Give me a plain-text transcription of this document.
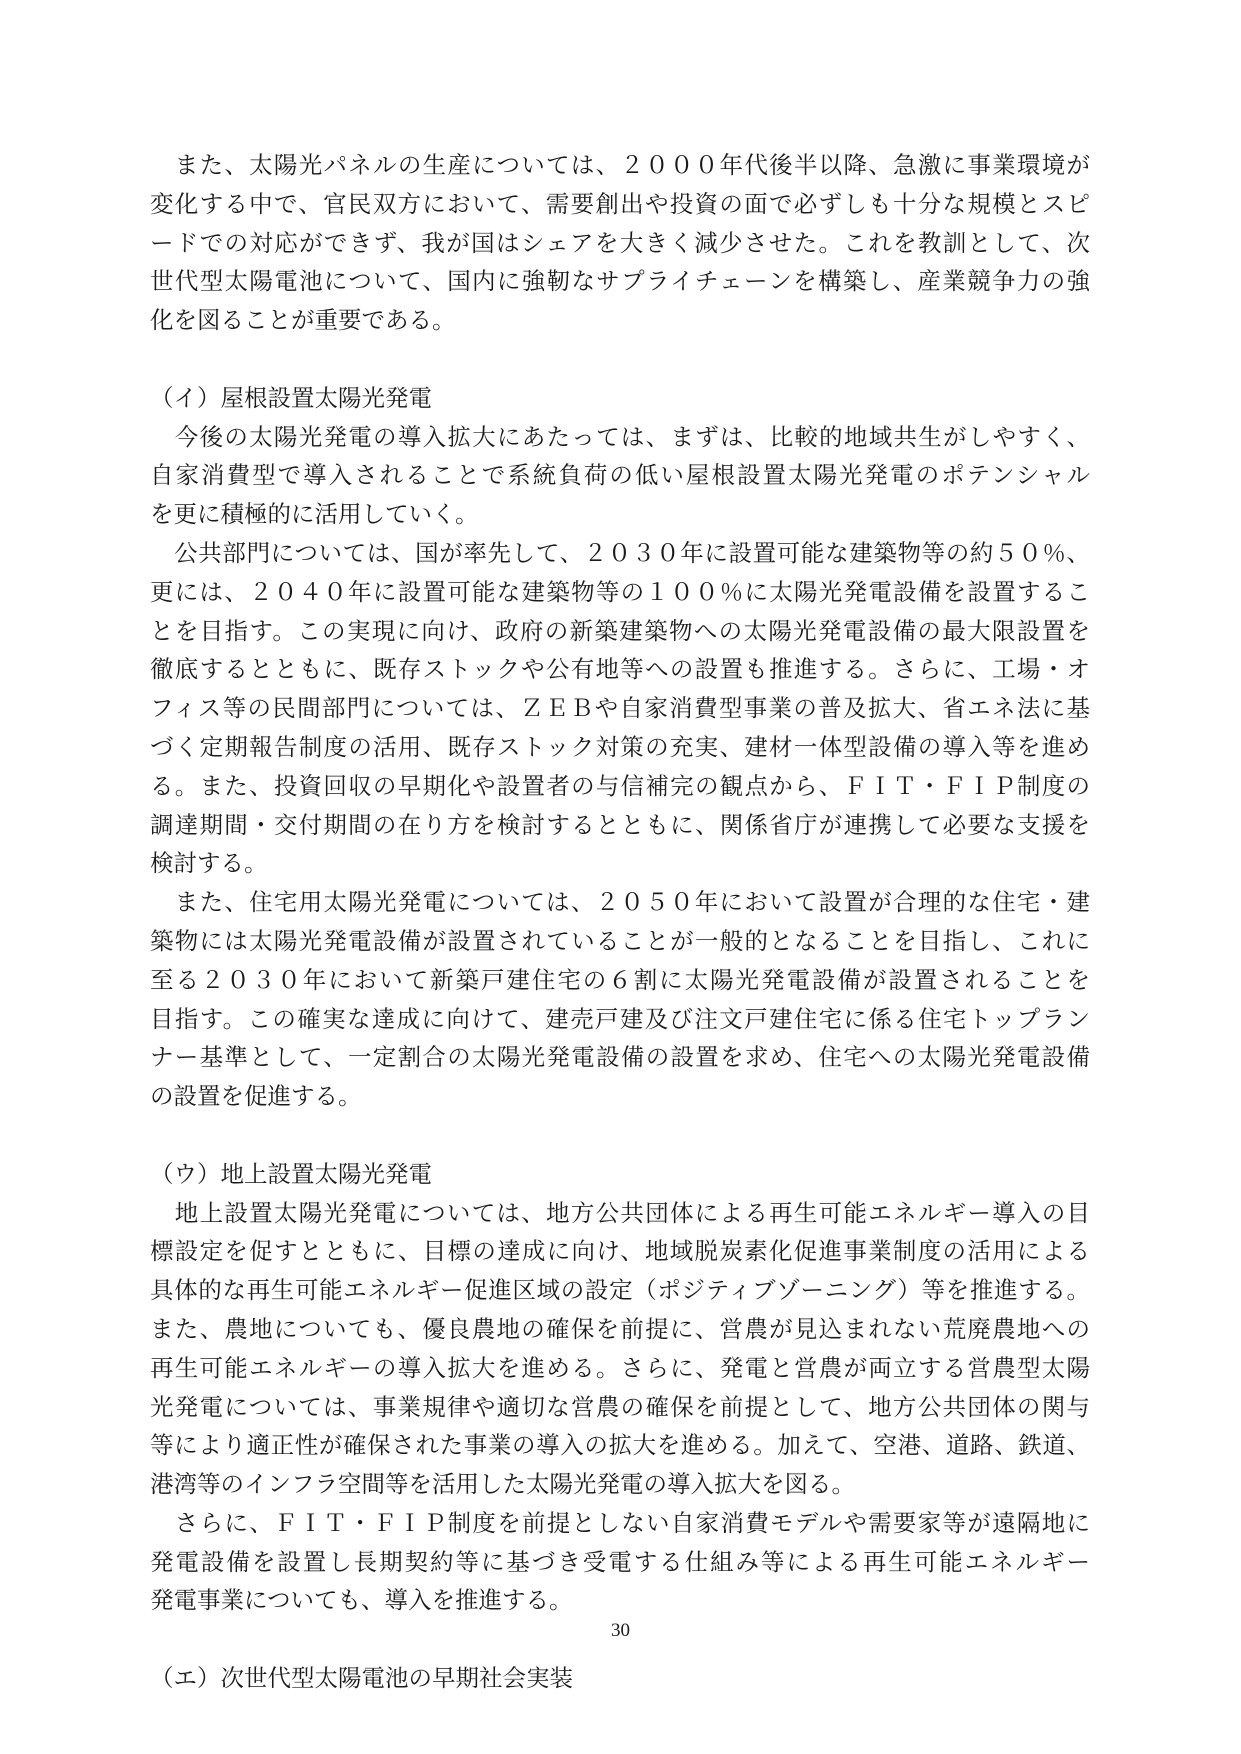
　また、太陽光パネルの生産については、２０００年代後半以降、急激に事業環境が
変化する中で、官民双方において、需要創出や投資の面で必ずしも十分な規模とスピ
ードでの対応ができず、我が国はシェアを大きく減少させた。これを教訓として、次
世代型太陽電池について、国内に強靭なサプライチェーンを構築し、産業競争力の強
化を図ることが重要である。
（イ）屋根設置太陽光発電
　今後の太陽光発電の導入拡大にあたっては、まずは、比較的地域共生がしやすく、
自家消費型で導入されることで系統負荷の低い屋根設置太陽光発電のポテンシャル
を更に積極的に活用していく。
　公共部門については、国が率先して、２０３０年に設置可能な建築物等の約５０％、
更には、２０４０年に設置可能な建築物等の１００％に太陽光発電設備を設置するこ
とを目指す。この実現に向け、政府の新築建築物への太陽光発電設備の最大限設置を
徹底するとともに、既存ストックや公有地等への設置も推進する。さらに、工場・オ
フィス等の民間部門については、ＺＥＢや自家消費型事業の普及拡大、省エネ法に基
づく定期報告制度の活用、既存ストック対策の充実、建材一体型設備の導入等を進め
る。また、投資回収の早期化や設置者の与信補完の観点から、ＦＩＴ・ＦＩＰ制度の
調達期間・交付期間の在り方を検討するとともに、関係省庁が連携して必要な支援を
検討する。
　また、住宅用太陽光発電については、２０５０年において設置が合理的な住宅・建
築物には太陽光発電設備が設置されていることが一般的となることを目指し、これに
至る２０３０年において新築戸建住宅の６割に太陽光発電設備が設置されることを
目指す。この確実な達成に向けて、建売戸建及び注文戸建住宅に係る住宅トップラン
ナー基準として、一定割合の太陽光発電設備の設置を求め、住宅への太陽光発電設備
の設置を促進する。
（ウ）地上設置太陽光発電
　地上設置太陽光発電については、地方公共団体による再生可能エネルギー導入の目
標設定を促すとともに、目標の達成に向け、地域脱炭素化促進事業制度の活用による
具体的な再生可能エネルギー促進区域の設定（ポジティブゾーニング）等を推進する。
また、農地についても、優良農地の確保を前提に、営農が見込まれない荒廃農地への
再生可能エネルギーの導入拡大を進める。さらに、発電と営農が両立する営農型太陽
光発電については、事業規律や適切な営農の確保を前提として、地方公共団体の関与
等により適正性が確保された事業の導入の拡大を進める。加えて、空港、道路、鉄道、
港湾等のインフラ空間等を活用した太陽光発電の導入拡大を図る。
　さらに、ＦＩＴ・ＦＩＰ制度を前提としない自家消費モデルや需要家等が遠隔地に
発電設備を設置し長期契約等に基づき受電する仕組み等による再生可能エネルギー
発電事業についても、導入を推進する。
（エ）次世代型太陽電池の早期社会実装
30
